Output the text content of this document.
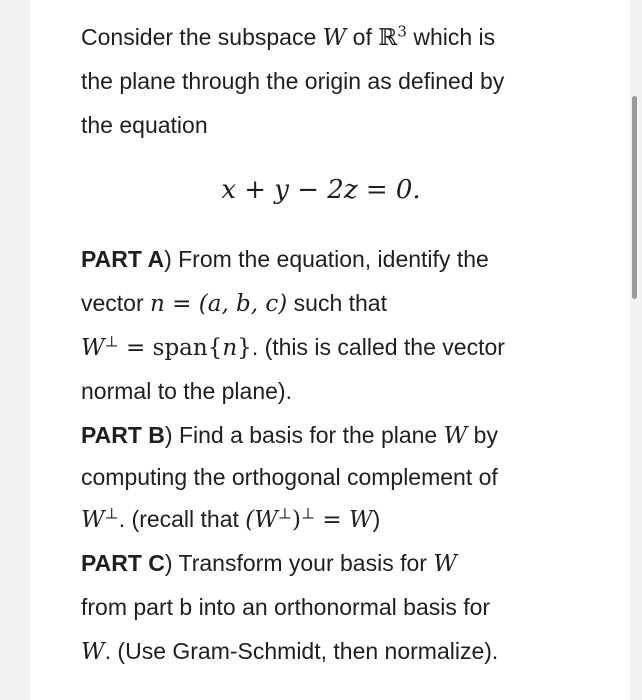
Consider the subspace W of ℝ$^3$ which is

the plane through the origin as defined by

the equation

x + y − 2z = 0.

PART A) From the equation, identify the

vector n = (a, b, c) such that

W⊥ = span{n}. (this is called the vector

normal to the plane).

PART B) Find a basis for the plane W by

computing the orthogonal complement of

W⊥. (recall that (W⊥)⊥ = W)

PART C) Transform your basis for W

from part b into an orthonormal basis for

W. (Use Gram-Schmidt, then normalize).
